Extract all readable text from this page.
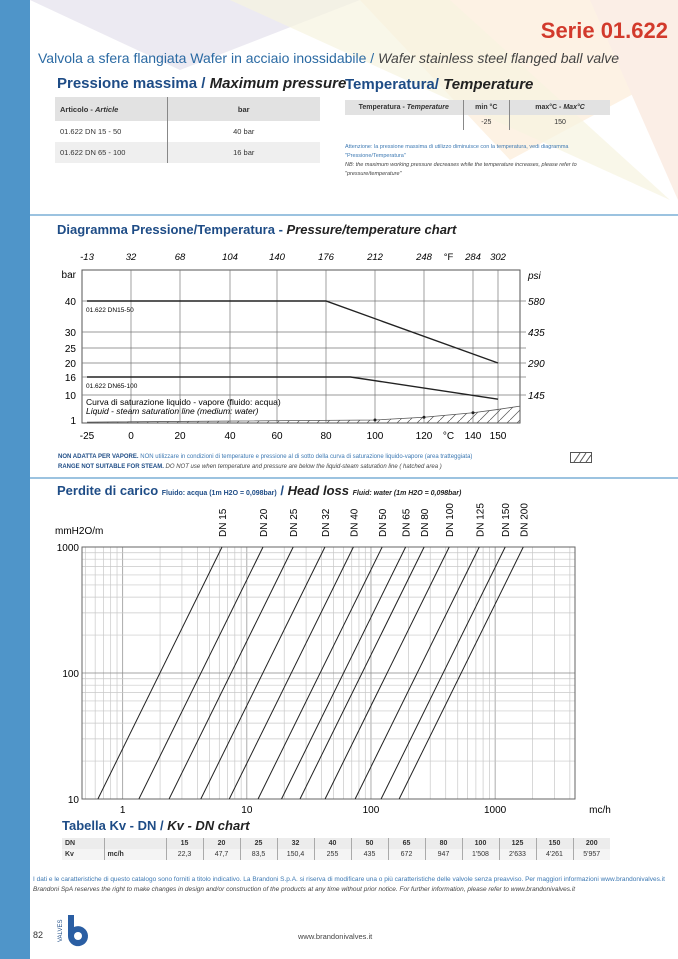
Serie 01.622
Valvola a sfera flangiata Wafer in acciaio inossidabile / Wafer stainless steel flanged ball valve
Pressione massima / Maximum pressure
Articolo - Article	bar
01.622 DN 15 - 50	40 bar
01.622 DN 65 - 100	16 bar
Temperatura/ Temperature
Temperatura - Temperature	min °C	max°C - Max°C
	-25	150
Attenzione: la pressione massima di utilizzo diminuisce con la temperatura, vedi diagramma "Pressione/Temperatura"
NB: the maximum working pressure decreases while the temperature increases, please refer to "pressure/temperature"
Diagramma Pressione/Temperatura - Pressure/temperature chart
-25
-13
0
32
20
68
40
104
60
140
80
176
100
212
120
248
140
284
150
302
°C
°F
1
10
16
20
25
30
40
bar	psi
145
290
435
580
01.622 DN15-50
01.622 DN65-100
Curva di saturazione liquido - vapore (fluido: acqua)
Liquid - steam saturation line (medium: water)
NON ADATTA PER VAPORE. NON utilizzare in condizioni di temperature e pressione al di sotto della curva di saturazione liquido-vapore (area tratteggiata)
RANGE NOT SUITABLE FOR STEAM. DO NOT use when temperature and pressure are below the liquid-steam saturation line ( hatched area )
Perdite di carico Fluido: acqua (1m H2O = 0,098bar) / Head loss Fluid: water (1m H2O = 0,098bar)
1	10	100	1000	mc/h
10
100
1000
mmH2O/m	DN 15	DN 20 DN 25 DN 32 DN 40 DN 50 DN 65 DN 80 DN 100 DN 125 DN 150 DN 200
Tabella Kv - DN / Kv - DN chart
DN		15	20	25	32	40	50	65	80	100	125	150	200
Kv	mc/h	22,3	47,7	83,5	150,4	255	435	672	947	1'508	2'633	4'261	5'957
I dati e le caratteristiche di questo catalogo sono forniti a titolo indicativo. La Brandoni S.p.A. si riserva di modificare una o più caratteristiche delle valvole senza preavviso. Per maggiori informazioni www.brandonivalves.it
Brandoni SpA reserves the right to make changes in design and/or construction of the products at any time without prior notice. For further information, please refer to www.brandonivalves.it
82 VALVES	www.brandonivalves.it
